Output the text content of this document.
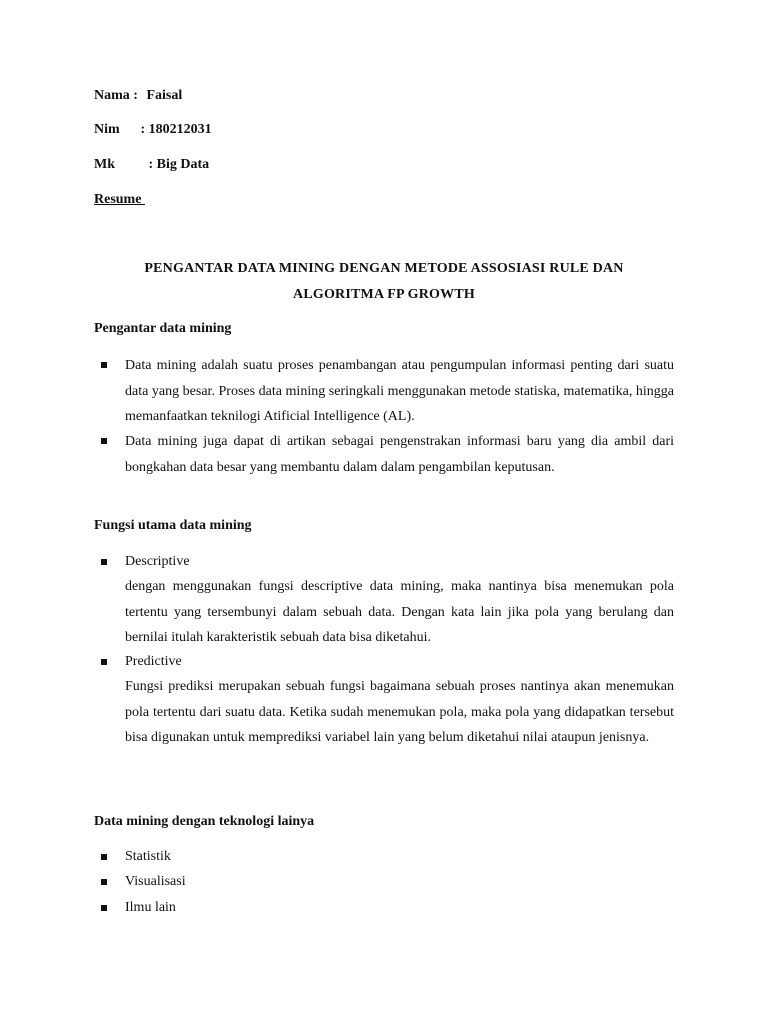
Nama : Faisal
Nim : 180212031
Mk : Big Data
Resume
PENGANTAR DATA MINING DENGAN METODE ASSOSIASI RULE DAN
ALGORITMA FP GROWTH
Pengantar data mining
Data mining adalah suatu proses penambangan atau pengumpulan informasi penting dari suatu data yang besar. Proses data mining seringkali menggunakan metode statiska, matematika, hingga memanfaatkan teknilogi Atificial Intelligence (AL).
Data mining juga dapat di artikan sebagai pengenstrakan informasi baru yang dia ambil dari bongkahan data besar yang membantu dalam dalam pengambilan keputusan.
Fungsi utama data mining
Descriptive
dengan menggunakan fungsi descriptive data mining, maka nantinya bisa menemukan pola tertentu yang tersembunyi dalam sebuah data. Dengan kata lain jika pola yang berulang dan bernilai itulah karakteristik sebuah data bisa diketahui.
Predictive
Fungsi prediksi merupakan sebuah fungsi bagaimana sebuah proses nantinya akan menemukan pola tertentu dari suatu data. Ketika sudah menemukan pola, maka pola yang didapatkan tersebut bisa digunakan untuk memprediksi variabel lain yang belum diketahui nilai ataupun jenisnya.
Data mining dengan teknologi lainya
Statistik
Visualisasi
Ilmu lain
